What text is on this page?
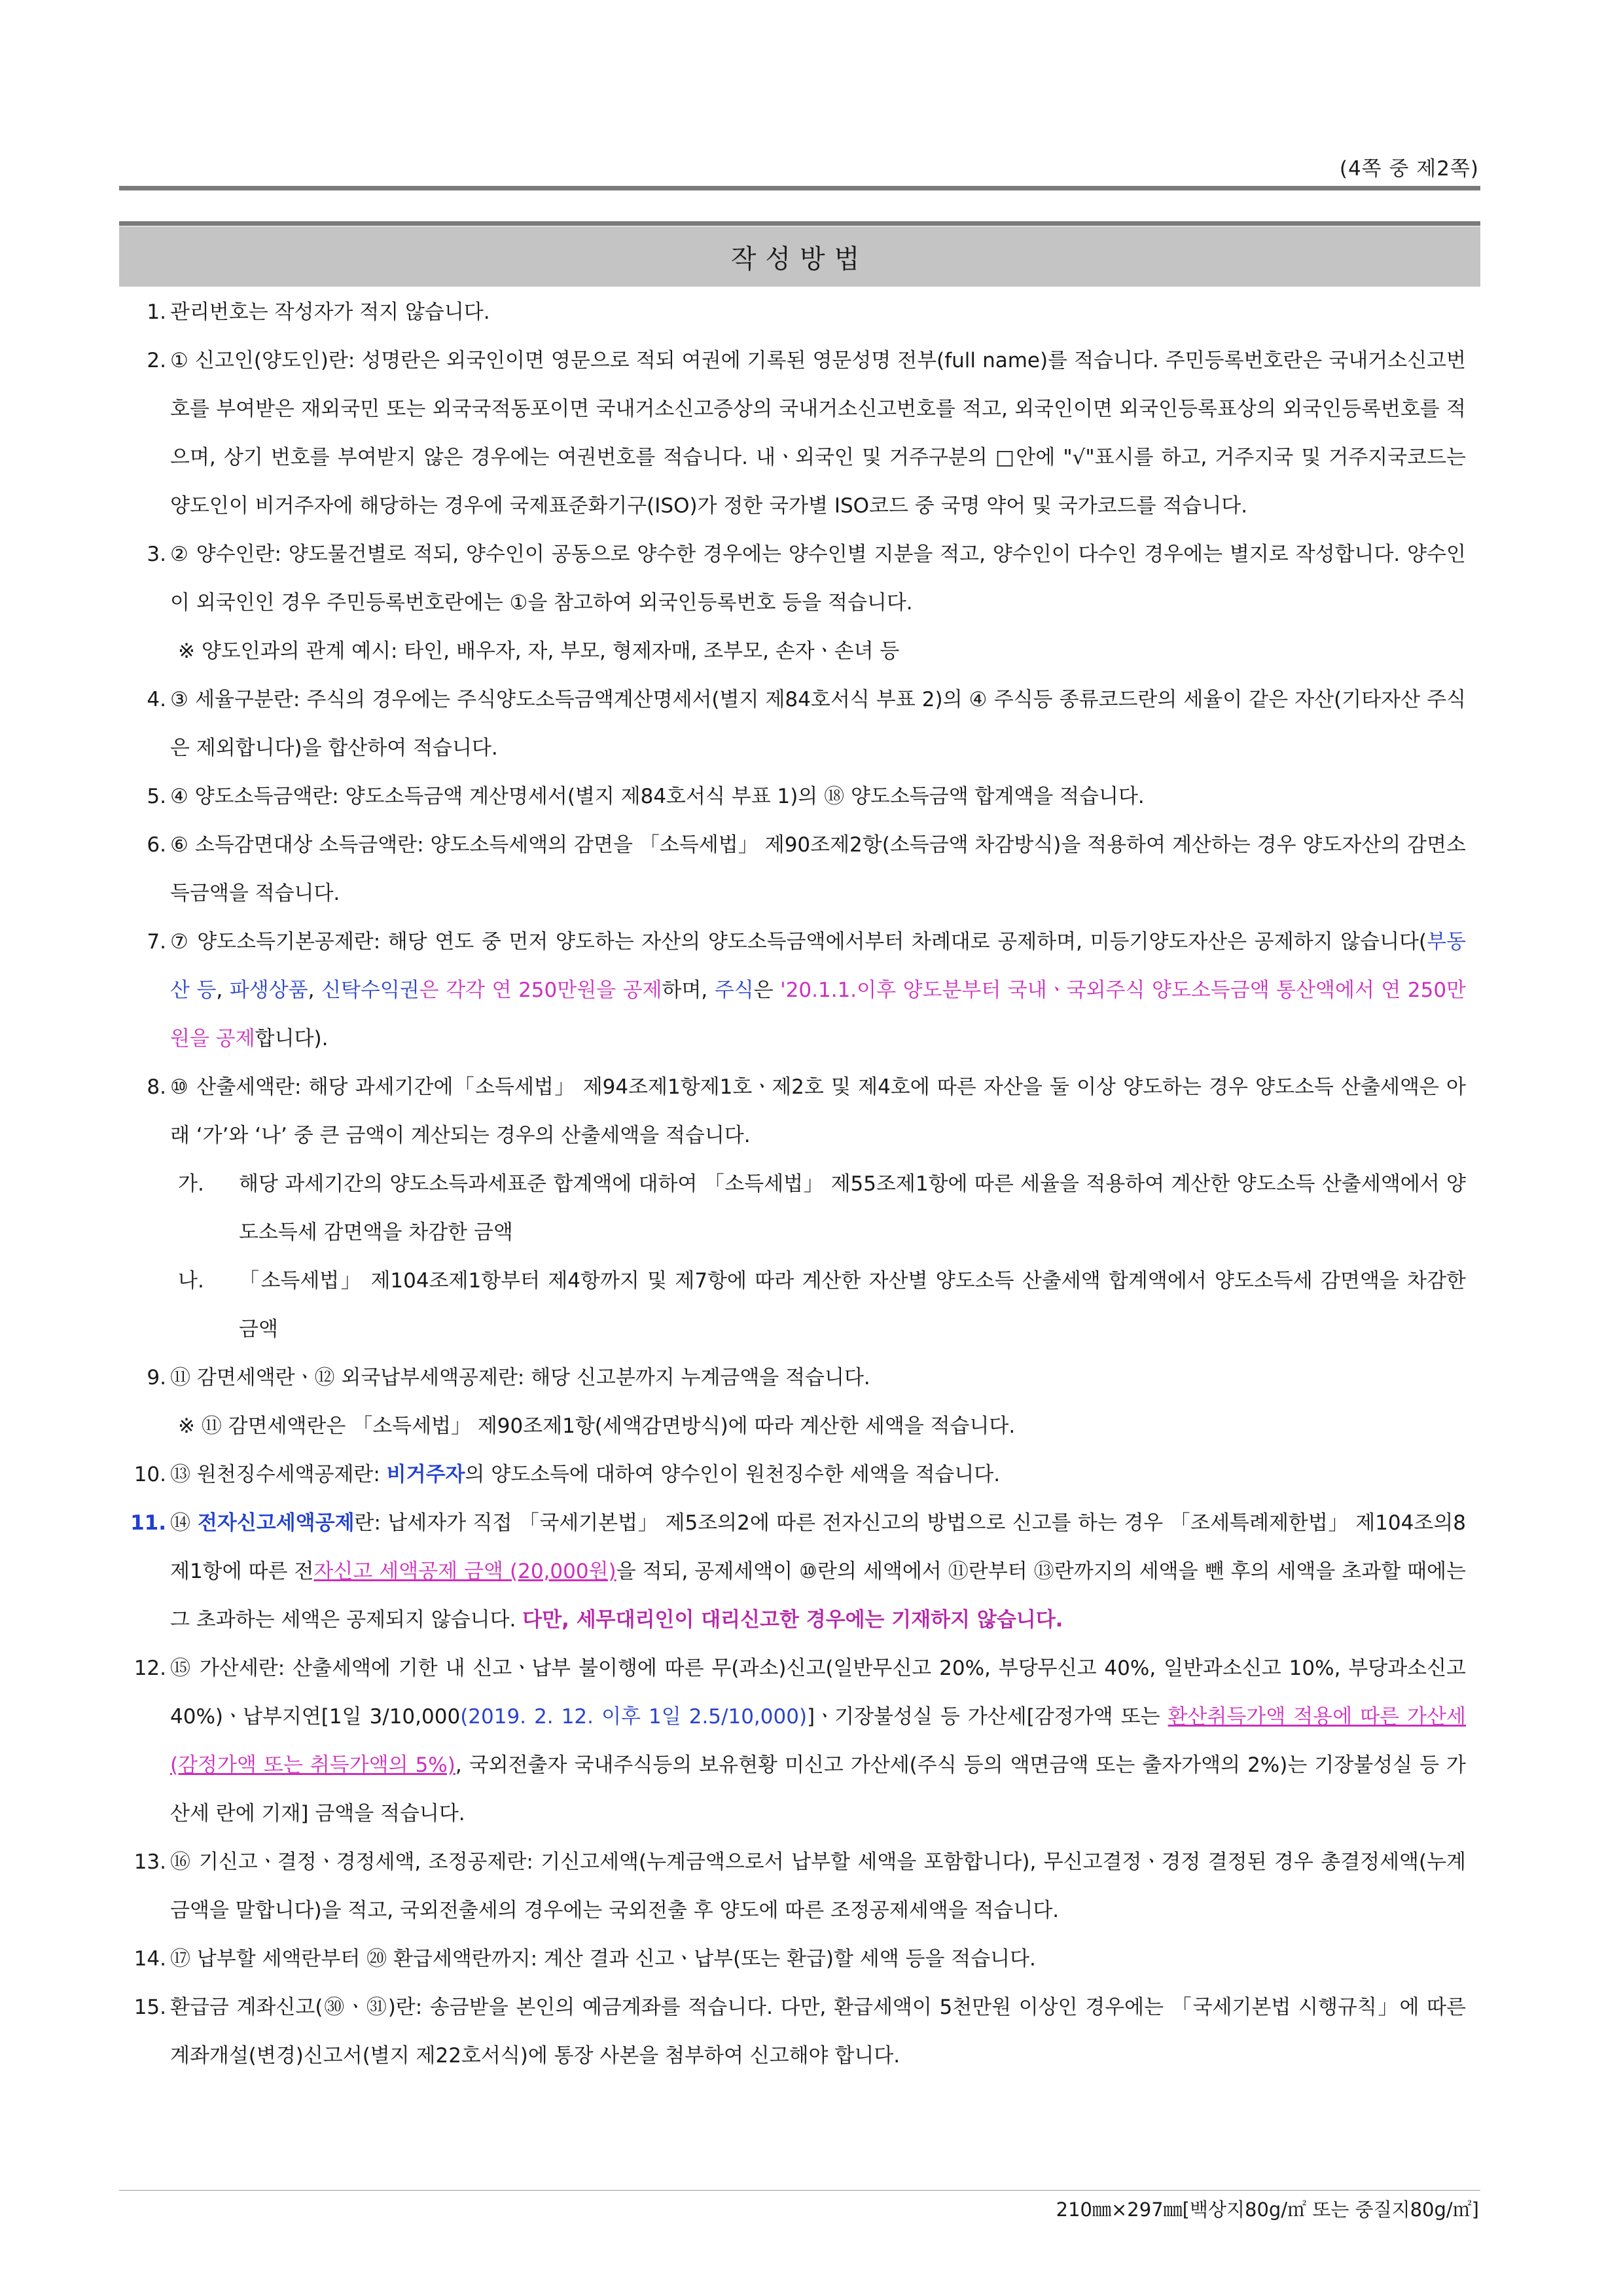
(4쪽 중 제2쪽)
작성방법
1. 관리번호는 작성자가 적지 않습니다.
2. ① 신고인(양도인)란: 성명란은 외국인이면 영문으로 적되 여권에 기록된 영문성명 전부(full name)를 적습니다. 주민등록번호란은 국내거소신고번호를 부여받은 재외국민 또는 외국국적동포이면 국내거소신고증상의 국내거소신고번호를 적고, 외국인이면 외국인등록표상의 외국인등록번호를 적으며, 상기 번호를 부여받지 않은 경우에는 여권번호를 적습니다. 내ㆍ외국인 및 거주구분의 □안에 "√"표시를 하고, 거주지국 및 거주지국코드는 양도인이 비거주자에 해당하는 경우에 국제표준화기구(ISO)가 정한 국가별 ISO코드 중 국명 약어 및 국가코드를 적습니다.
3. ② 양수인란: 양도물건별로 적되, 양수인이 공동으로 양수한 경우에는 양수인별 지분을 적고, 양수인이 다수인 경우에는 별지로 작성합니다. 양수인이 외국인인 경우 주민등록번호란에는 ①을 참고하여 외국인등록번호 등을 적습니다.
※ 양도인과의 관계 예시: 타인, 배우자, 자, 부모, 형제자매, 조부모, 손자ㆍ손녀 등
4. ③ 세율구분란: 주식의 경우에는 주식양도소득금액계산명세서(별지 제84호서식 부표 2)의 ④ 주식등 종류코드란의 세율이 같은 자산(기타자산 주식은 제외합니다)을 합산하여 적습니다.
5. ④ 양도소득금액란: 양도소득금액 계산명세서(별지 제84호서식 부표 1)의 ⑱ 양도소득금액 합계액을 적습니다.
6. ⑥ 소득감면대상 소득금액란: 양도소득세액의 감면을 「소득세법」 제90조제2항(소득금액 차감방식)을 적용하여 계산하는 경우 양도자산의 감면소득금액을 적습니다.
7. ⑦ 양도소득기본공제란: 해당 연도 중 먼저 양도하는 자산의 양도소득금액에서부터 차례대로 공제하며, 미등기양도자산은 공제하지 않습니다(부동산 등, 파생상품, 신탁수익권은 각각 연 250만원을 공제하며, 주식은 '20.1.1.이후 양도분부터 국내ㆍ국외주식 양도소득금액 통산액에서 연 250만원을 공제합니다).
8. ⑩ 산출세액란: 해당 과세기간에「소득세법」 제94조제1항제1호ㆍ제2호 및 제4호에 따른 자산을 둘 이상 양도하는 경우 양도소득 산출세액은 아래 ‘가’와 ‘나’ 중 큰 금액이 계산되는 경우의 산출세액을 적습니다.
가. 해당 과세기간의 양도소득과세표준 합계액에 대하여 「소득세법」 제55조제1항에 따른 세율을 적용하여 계산한 양도소득 산출세액에서 양도소득세 감면액을 차감한 금액
나. 「소득세법」 제104조제1항부터 제4항까지 및 제7항에 따라 계산한 자산별 양도소득 산출세액 합계액에서 양도소득세 감면액을 차감한 금액
9. ⑪ 감면세액란ㆍ⑫ 외국납부세액공제란: 해당 신고분까지 누계금액을 적습니다.
※ ⑪ 감면세액란은 「소득세법」 제90조제1항(세액감면방식)에 따라 계산한 세액을 적습니다.
10. ⑬ 원천징수세액공제란: 비거주자의 양도소득에 대하여 양수인이 원천징수한 세액을 적습니다.
11. ⑭ 전자신고세액공제란: 납세자가 직접 「국세기본법」 제5조의2에 따른 전자신고의 방법으로 신고를 하는 경우 「조세특례제한법」 제104조의8제1항에 따른 전자신고 세액공제 금액 (20,000원)을 적되, 공제세액이 ⑩란의 세액에서 ⑪란부터 ⑬란까지의 세액을 뺀 후의 세액을 초과할 때에는 그 초과하는 세액은 공제되지 않습니다. 다만, 세무대리인이 대리신고한 경우에는 기재하지 않습니다.
12. ⑮ 가산세란: 산출세액에 기한 내 신고ㆍ납부 불이행에 따른 무(과소)신고(일반무신고 20%, 부당무신고 40%, 일반과소신고 10%, 부당과소신고 40%)ㆍ납부지연[1일 3/10,000(2019. 2. 12. 이후 1일 2.5/10,000)]ㆍ기장불성실 등 가산세[감정가액 또는 환산취득가액 적용에 따른 가산세(감정가액 또는 취득가액의 5%), 국외전출자 국내주식등의 보유현황 미신고 가산세(주식 등의 액면금액 또는 출자가액의 2%)는 기장불성실 등 가산세 란에 기재] 금액을 적습니다.
13. ⑯ 기신고ㆍ결정ㆍ경정세액, 조정공제란: 기신고세액(누계금액으로서 납부할 세액을 포함합니다), 무신고결정ㆍ경정 결정된 경우 총결정세액(누계금액을 말합니다)을 적고, 국외전출세의 경우에는 국외전출 후 양도에 따른 조정공제세액을 적습니다.
14. ⑰ 납부할 세액란부터 ⑳ 환급세액란까지: 계산 결과 신고ㆍ납부(또는 환급)할 세액 등을 적습니다.
15. 환급금 계좌신고(㉚ㆍ㉛)란: 송금받을 본인의 예금계좌를 적습니다. 다만, 환급세액이 5천만원 이상인 경우에는 「국세기본법 시행규칙」에 따른 계좌개설(변경)신고서(별지 제22호서식)에 통장 사본을 첨부하여 신고해야 합니다.
210㎜×297㎜[백상지80g/㎡ 또는 중질지80g/㎡]
